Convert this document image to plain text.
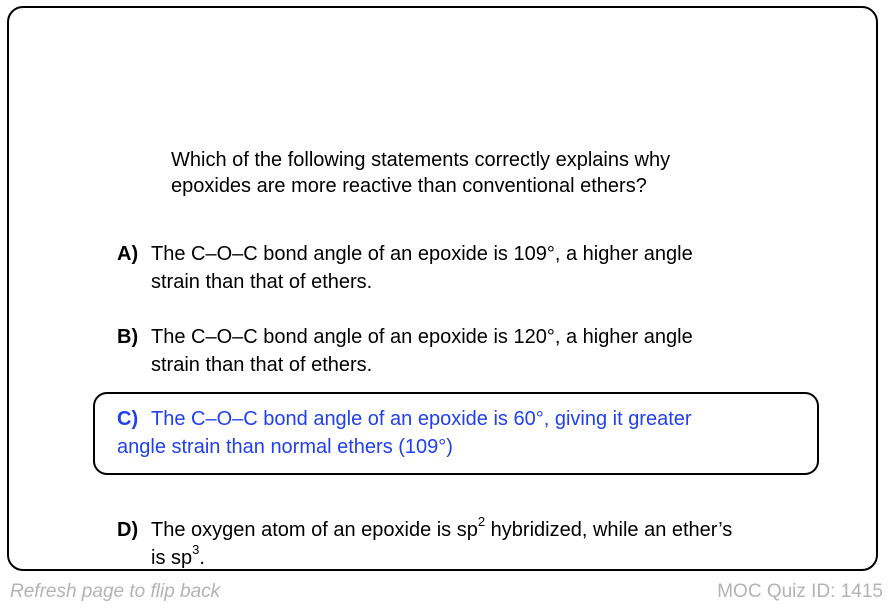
Which of the following statements correctly explains why
epoxides are more reactive than conventional ethers?
A) The C–O–C bond angle of an epoxide is 109°, a higher angle
strain than that of ethers.
B) The C–O–C bond angle of an epoxide is 120°, a higher angle
strain than that of ethers.
C) The C–O–C bond angle of an epoxide is 60°, giving it greater
angle strain than normal ethers (109°)
D) The oxygen atom of an epoxide is $sp^2$ hybridized, while an ether’s
is $sp^3$.
Refresh page to flip back	MOC Quiz ID: 1415
